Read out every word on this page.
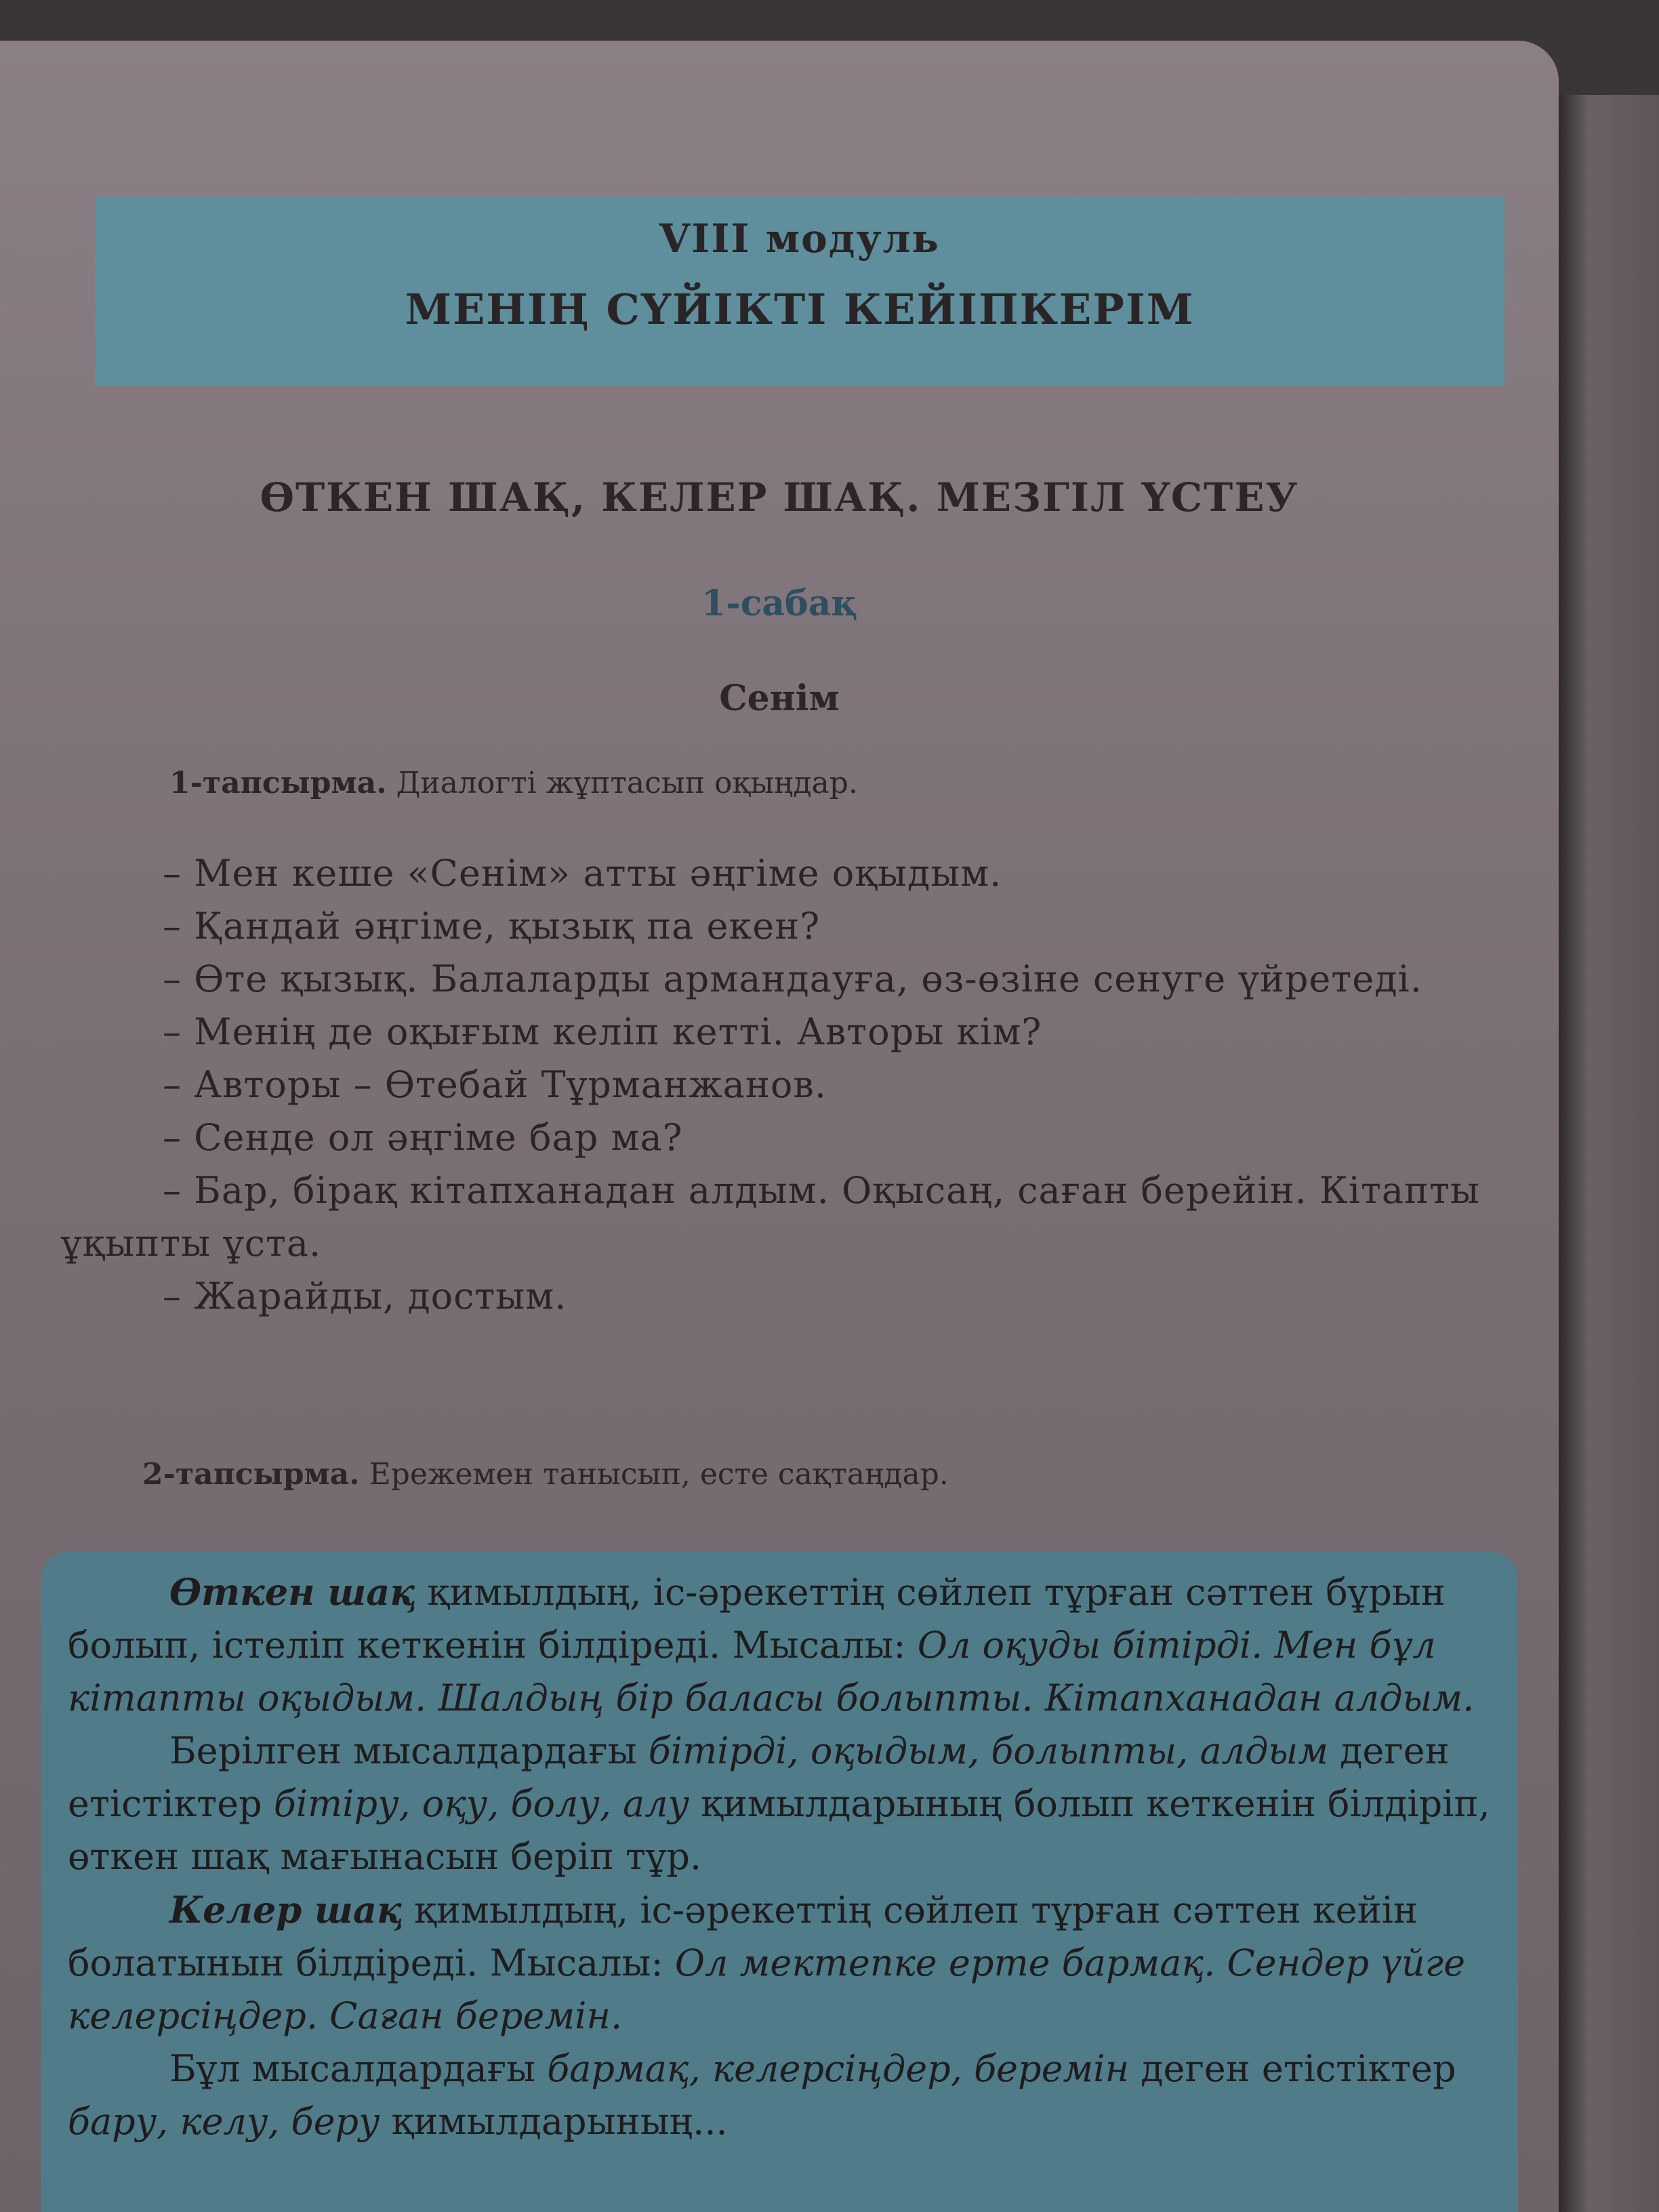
VIII модуль
МЕНІҢ СҮЙІКТІ КЕЙІПКЕРІМ
ӨТКЕН ШАҚ, КЕЛЕР ШАҚ. МЕЗГІЛ ҮСТЕУ
1-сабақ
Сенім
1-тапсырма. Диалогті жұптасып оқыңдар.

– Мен кеше «Сенім» атты әңгіме оқыдым.

– Қандай әңгіме, қызық па екен?

– Өте қызық. Балаларды армандауға, өз-өзіне сенуге үйретеді.

– Менің де оқығым келіп кетті. Авторы кім?

– Авторы – Өтебай Тұрманжанов.

– Сенде ол әңгіме бар ма?

– Бар, бірақ кітапханадан алдым. Оқысаң, саған берейін. Кітапты ұқыпты ұста.

– Жарайды, достым.

2-тапсырма. Ережемен танысып, есте сақтаңдар.

Өткен шақ қимылдың, іс-әрекеттің сөйлеп тұрған сәттен бұрын болып, істеліп кеткенін білдіреді. Мысалы: Ол оқуды бітірді. Мен бұл кітапты оқыдым. Шалдың бір баласы болыпты. Кітапханадан алдым.

Берілген мысалдардағы бітірді, оқыдым, болыпты, алдым деген етістіктер бітіру, оқу, болу, алу қимылдарының болып кеткенін білдіріп, өткен шақ мағынасын беріп тұр.

Келер шақ қимылдың, іс-әрекеттің сөйлеп тұрған сәттен кейін болатынын білдіреді. Мысалы: Ол мектепке ерте бармақ. Сендер үйге келерсіңдер. Саған беремін.

Бұл мысалдардағы бармақ, келерсіңдер, беремін деген етістіктер бару, келу, беру қимылдарының...
